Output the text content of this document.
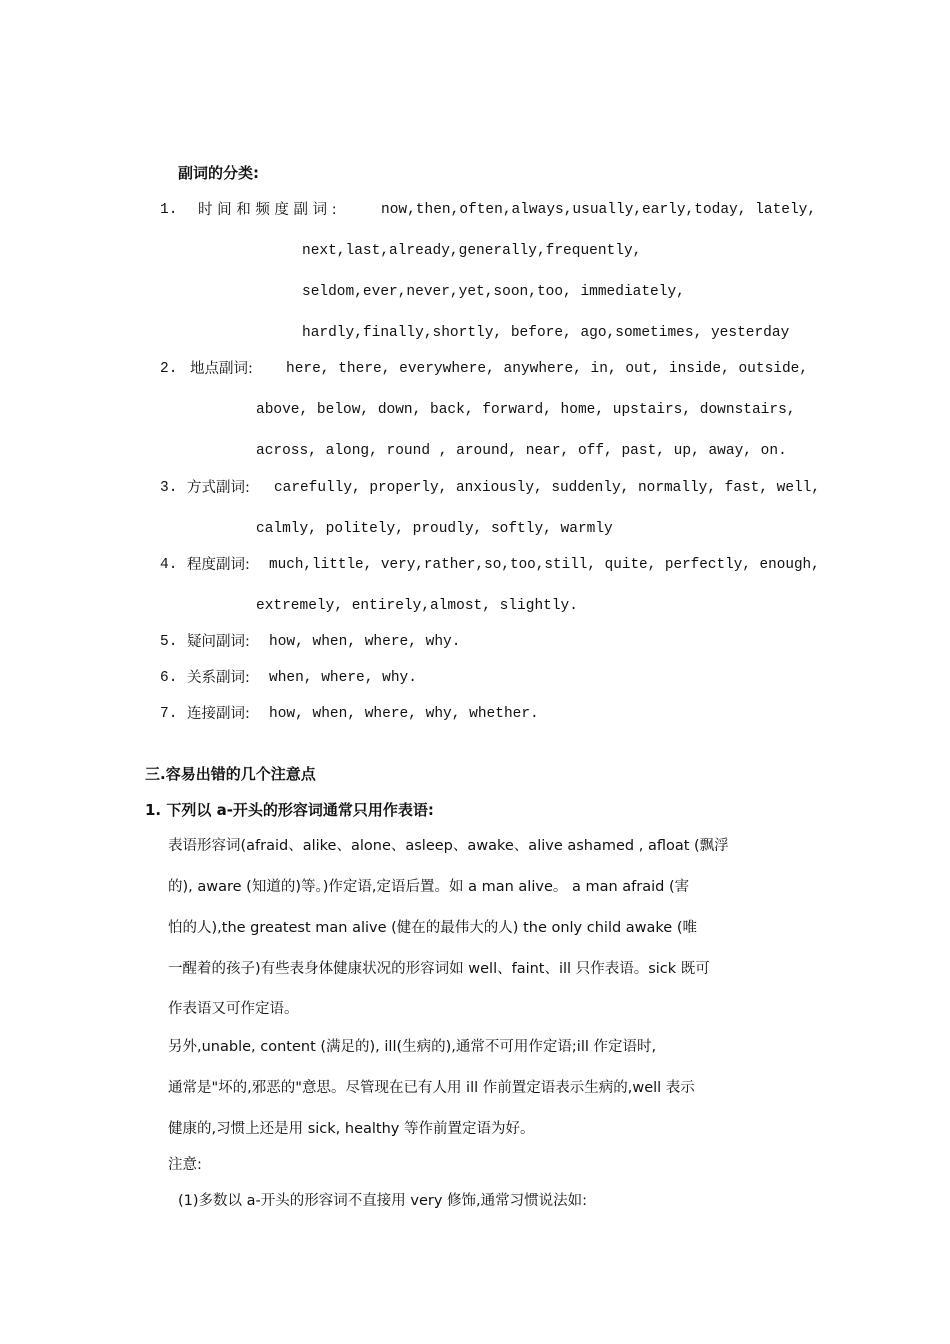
副词的分类:
1. 时 间 和 频 度 副 词 :	now,then,often,always,usually,early,today, lately,
next,last,already,generally,frequently,
seldom,ever,never,yet,soon,too, immediately,
hardly,finally,shortly, before, ago,sometimes, yesterday
2. 地点副词: here, there, everywhere, anywhere, in, out, inside, outside,
above, below, down, back, forward, home, upstairs, downstairs,
across, along, round , around, near, off, past, up, away, on.
3. 方式副词: carefully, properly, anxiously, suddenly, normally, fast, well,
calmly, politely, proudly, softly, warmly
4. 程度副词: much,little, very,rather,so,too,still, quite, perfectly, enough,
extremely, entirely,almost, slightly.
5. 疑问副词: how, when, where, why.
6. 关系副词: when, where, why.
7. 连接副词: how, when, where, why, whether.
三.容易出错的几个注意点
1. 下列以 a-开头的形容词通常只用作表语:
表语形容词(afraid、alike、alone、asleep、awake、alive ashamed , afloat (飘浮
的), aware (知道的)等。)作定语,定语后置。如 a man alive。 a man afraid (害
怕的人),the greatest man alive (健在的最伟大的人) the only child awake (唯
一醒着的孩子)有些表身体健康状况的形容词如 well、faint、ill 只作表语。sick 既可
作表语又可作定语。
另外,unable, content (满足的), ill(生病的),通常不可用作定语;ill 作定语时,
通常是"坏的,邪恶的"意思。尽管现在已有人用 ill 作前置定语表示生病的,well 表示
健康的,习惯上还是用 sick, healthy 等作前置定语为好。
注意:
(1)多数以 a-开头的形容词不直接用 very 修饰,通常习惯说法如:
